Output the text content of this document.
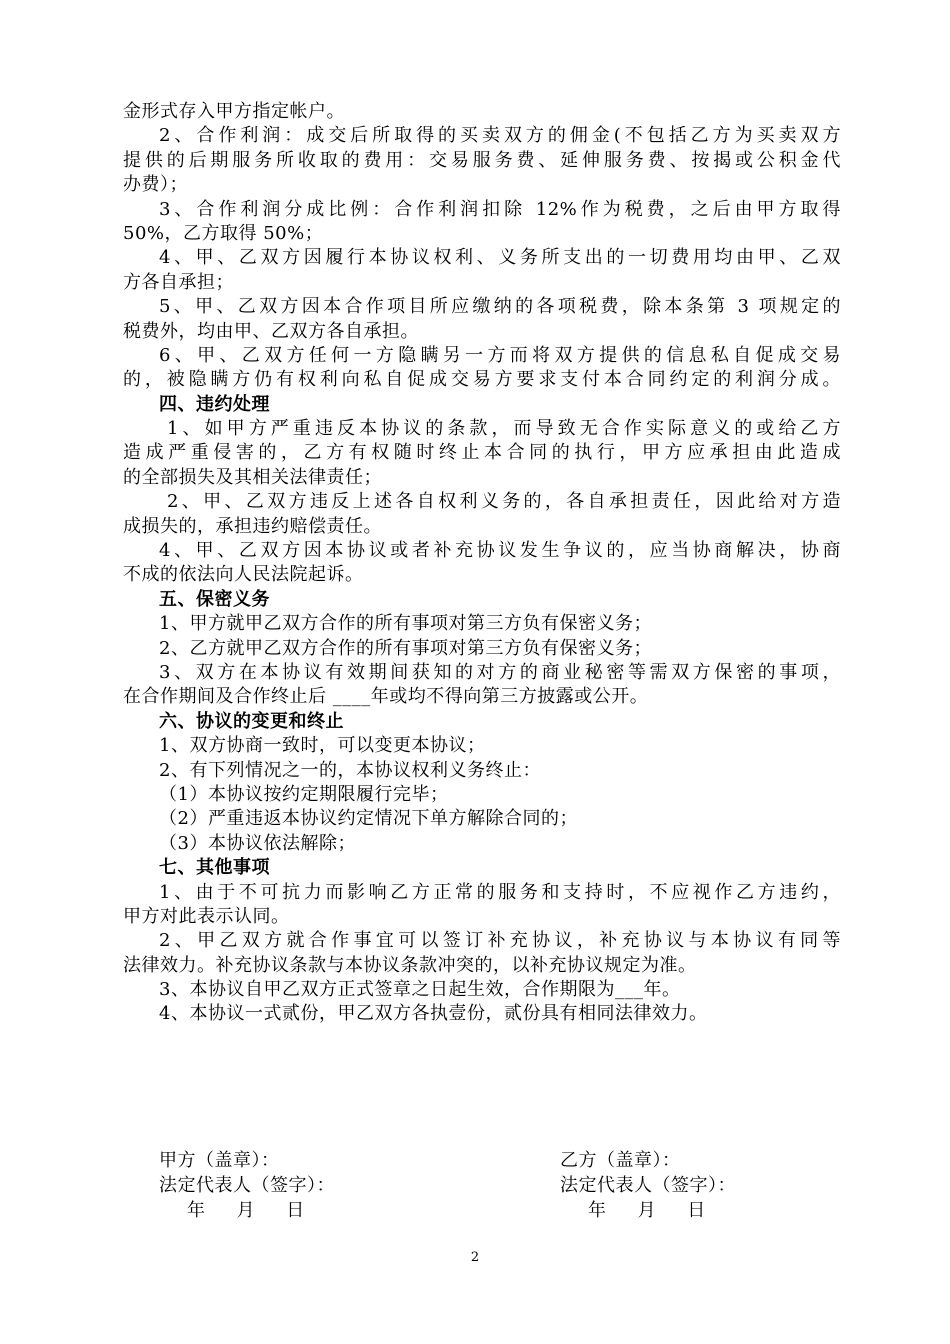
金形式存入甲方指定帐户。
2、合作利润：成交后所取得的买卖双方的佣金(不包括乙方为买卖双方
提供的后期服务所收取的费用：交易服务费、延伸服务费、按揭或公积金代
办费）；
3、合作利润分成比例：合作利润扣除 12%作为税费，之后由甲方取得
50%，乙方取得 50%；
4、甲、乙双方因履行本协议权利、义务所支出的一切费用均由甲、乙双
方各自承担；
5、甲、乙双方因本合作项目所应缴纳的各项税费，除本条第 3 项规定的
税费外，均由甲、乙双方各自承担。
6、甲、乙双方任何一方隐瞒另一方而将双方提供的信息私自促成交易
的，被隐瞒方仍有权利向私自促成交易方要求支付本合同约定的利润分成。
四、违约处理
1、如甲方严重违反本协议的条款，而导致无合作实际意义的或给乙方
造成严重侵害的，乙方有权随时终止本合同的执行，甲方应承担由此造成
的全部损失及其相关法律责任；
2、甲、乙双方违反上述各自权利义务的，各自承担责任，因此给对方造
成损失的，承担违约赔偿责任。
4、甲、乙双方因本协议或者补充协议发生争议的，应当协商解决，协商
不成的依法向人民法院起诉。
五、保密义务
1、甲方就甲乙双方合作的所有事项对第三方负有保密义务；
2、乙方就甲乙双方合作的所有事项对第三方负有保密义务；
3、双方在本协议有效期间获知的对方的商业秘密等需双方保密的事项，
在合作期间及合作终止后 ____年或均不得向第三方披露或公开。
六、协议的变更和终止
1、双方协商一致时，可以变更本协议；
2、有下列情况之一的，本协议权利义务终止：
（1）本协议按约定期限履行完毕；
（2）严重违返本协议约定情况下单方解除合同的；
（3）本协议依法解除；
七、其他事项
1、由于不可抗力而影响乙方正常的服务和支持时，不应视作乙方违约，
甲方对此表示认同。
2、甲乙双方就合作事宜可以签订补充协议，补充协议与本协议有同等
法律效力。补充协议条款与本协议条款冲突的，以补充协议规定为准。
3、本协议自甲乙双方正式签章之日起生效，合作期限为___年。
4、本协议一式贰份，甲乙双方各执壹份，贰份具有相同法律效力。
甲方（盖章）：
法定代表人（签字）：
年 月 日
乙方（盖章）：
法定代表人（签字）：
年 月 日
2
